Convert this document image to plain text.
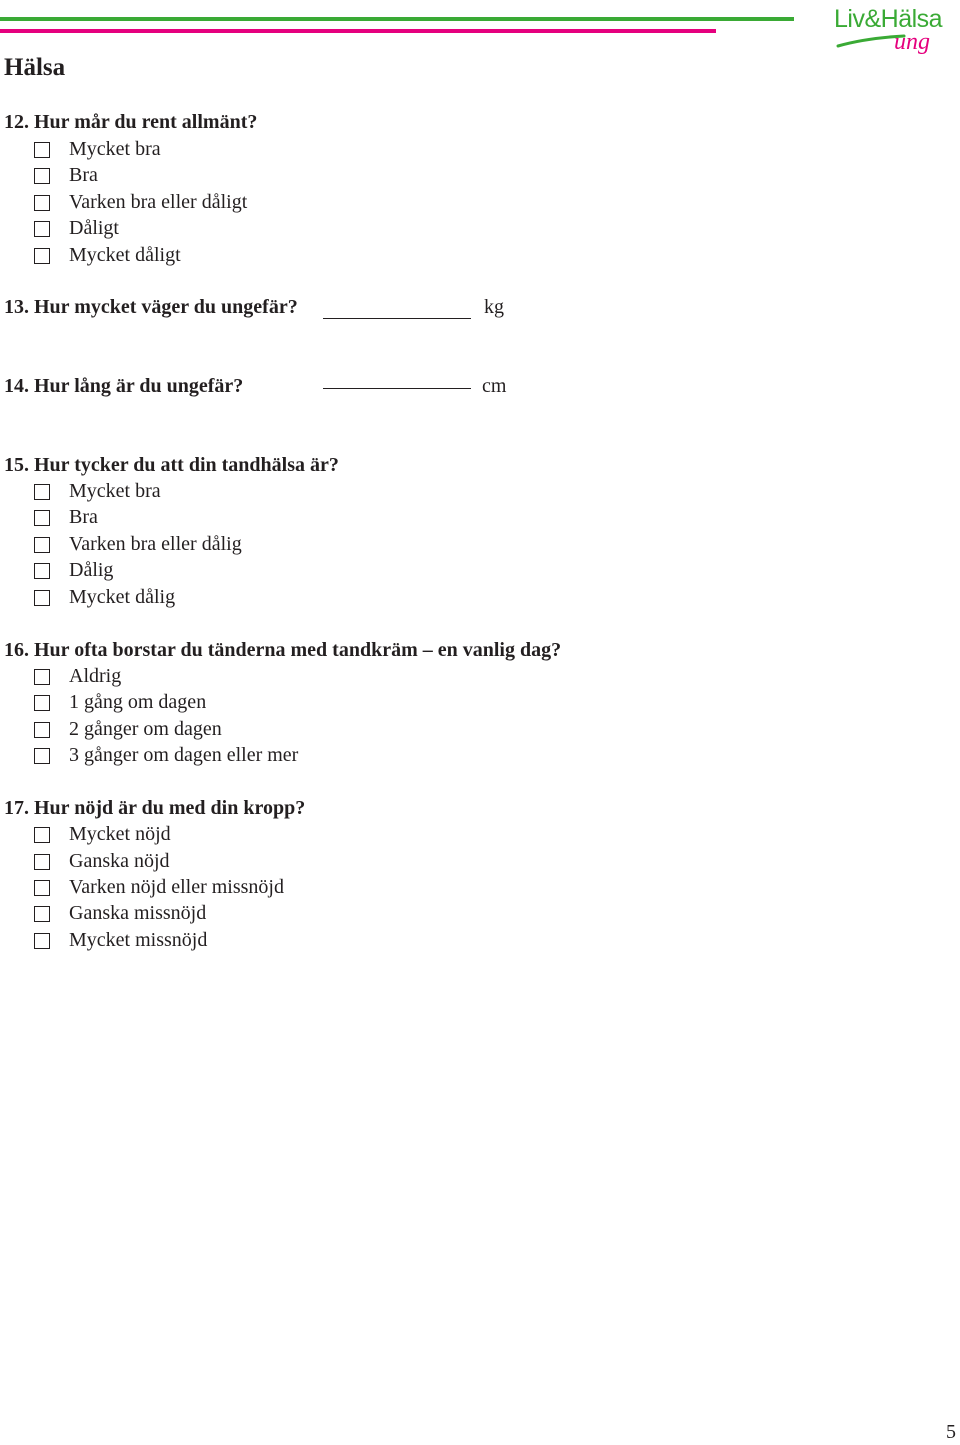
Liv&Hälsa
ung
Hälsa
12. Hur mår du rent allmänt?
Mycket bra
Bra
Varken bra eller dåligt
Dåligt
Mycket dåligt
13. Hur mycket väger du ungefär?	kg
14. Hur lång är du ungefär?	cm
15. Hur tycker du att din tandhälsa är?
Mycket bra
Bra
Varken bra eller dålig
Dålig
Mycket dålig
16. Hur ofta borstar du tänderna med tandkräm – en vanlig dag?
Aldrig
1 gång om dagen
2 gånger om dagen
3 gånger om dagen eller mer
17. Hur nöjd är du med din kropp?
Mycket nöjd
Ganska nöjd
Varken nöjd eller missnöjd
Ganska missnöjd
Mycket missnöjd
5
